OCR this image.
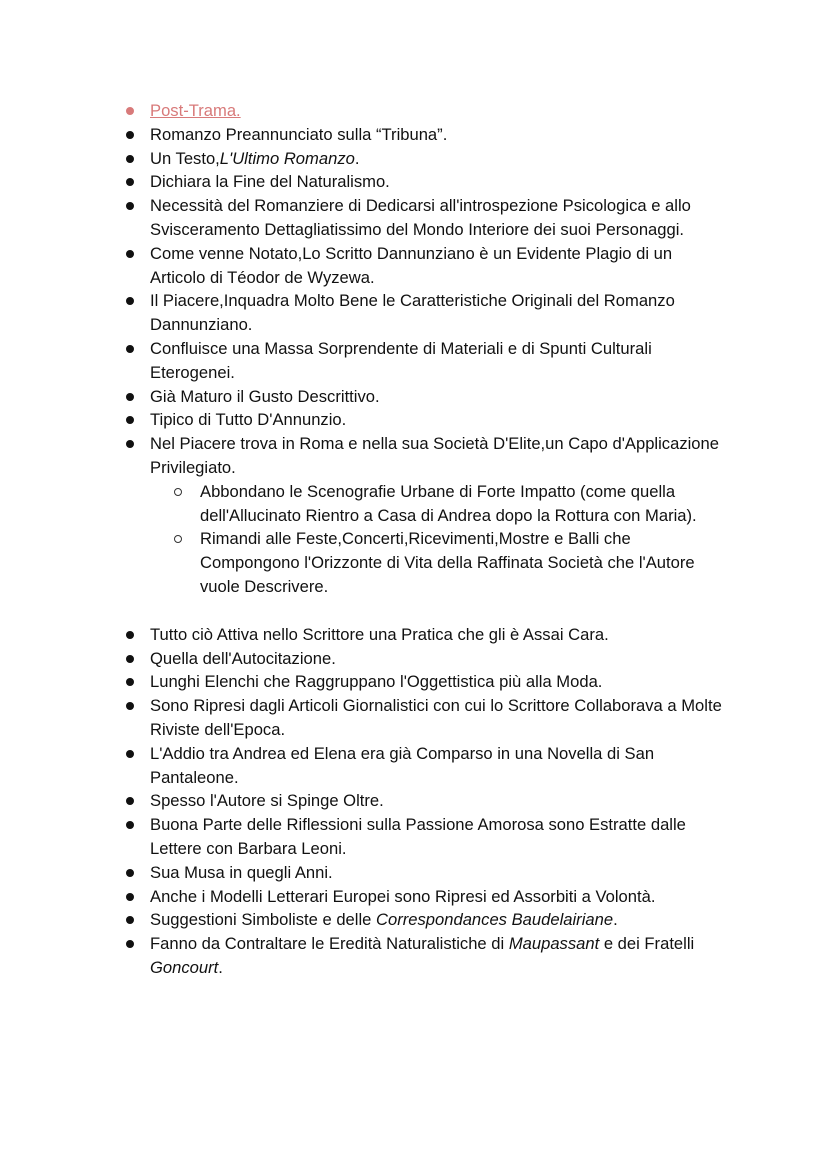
Post-Trama.
Romanzo Preannunciato sulla “Tribuna”.
Un Testo,L'Ultimo Romanzo.
Dichiara la Fine del Naturalismo.
Necessità del Romanziere di Dedicarsi all'introspezione Psicologica e allo Svisceramento Dettagliatissimo del Mondo Interiore dei suoi Personaggi.
Come venne Notato,Lo Scritto Dannunziano è un Evidente Plagio di un Articolo di Téodor de Wyzewa.
Il Piacere,Inquadra Molto Bene le Caratteristiche Originali del Romanzo Dannunziano.
Confluisce una Massa Sorprendente di Materiali e di Spunti Culturali Eterogenei.
Già Maturo il Gusto Descrittivo.
Tipico di Tutto D'Annunzio.
Nel Piacere trova in Roma e nella sua Società D'Elite,un Capo d'Applicazione Privilegiato.
Abbondano le Scenografie Urbane di Forte Impatto (come quella dell'Allucinato Rientro a Casa di Andrea dopo la Rottura con Maria).
Rimandi alle Feste,Concerti,Ricevimenti,Mostre e Balli che Compongono l'Orizzonte di Vita della Raffinata Società che l'Autore vuole Descrivere.
Tutto ciò Attiva nello Scrittore una Pratica che gli è Assai Cara.
Quella dell'Autocitazione.
Lunghi Elenchi che Raggruppano l'Oggettistica più alla Moda.
Sono Ripresi dagli Articoli Giornalistici con cui lo Scrittore Collaborava a Molte Riviste dell'Epoca.
L'Addio tra Andrea ed Elena era già Comparso in una Novella di San Pantaleone.
Spesso l'Autore si Spinge Oltre.
Buona Parte delle Riflessioni sulla Passione Amorosa sono Estratte dalle Lettere con Barbara Leoni.
Sua Musa in quegli Anni.
Anche i Modelli Letterari Europei sono Ripresi ed Assorbiti a Volontà.
Suggestioni Simboliste e delle Correspondances Baudelairiane.
Fanno da Contraltare le Eredità Naturalistiche di Maupassant e dei Fratelli Goncourt.
